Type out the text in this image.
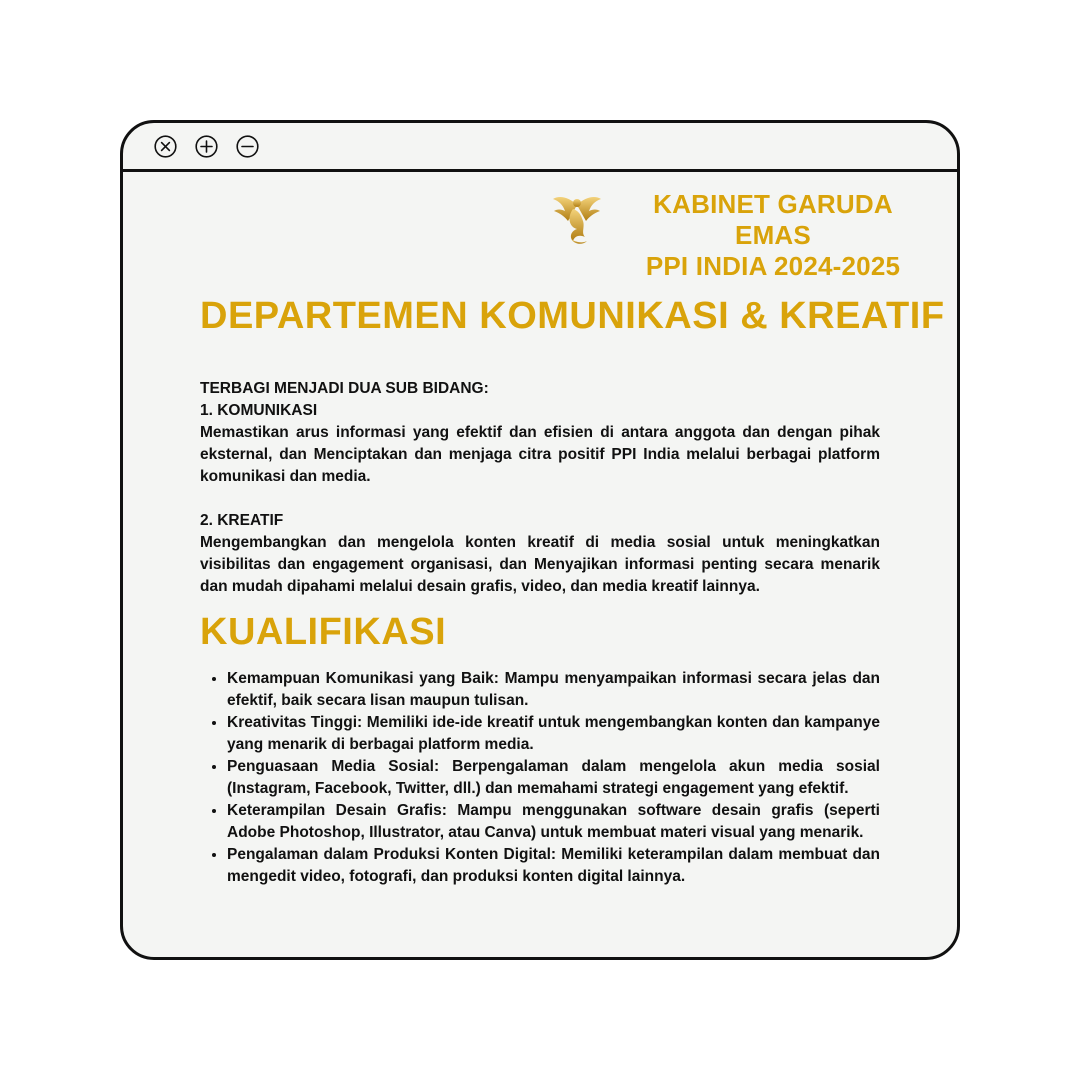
KABINET GARUDA EMAS
PPI INDIA 2024-2025
DEPARTEMEN KOMUNIKASI & KREATIF

TERBAGI MENJADI DUA SUB BIDANG:

1. KOMUNIKASI

Memastikan arus informasi yang efektif dan efisien di antara anggota dan dengan pihak eksternal, dan Menciptakan dan menjaga citra positif PPI India melalui berbagai platform komunikasi dan media.

2. KREATIF

Mengembangkan dan mengelola konten kreatif di media sosial untuk meningkatkan visibilitas dan engagement organisasi, dan Menyajikan informasi penting secara menarik dan mudah dipahami melalui desain grafis, video, dan media kreatif lainnya.

KUALIFIKASI
• Kemampuan Komunikasi yang Baik: Mampu menyampaikan informasi secara jelas dan efektif, baik secara lisan maupun tulisan.
• Kreativitas Tinggi: Memiliki ide-ide kreatif untuk mengembangkan konten dan kampanye yang menarik di berbagai platform media.
• Penguasaan Media Sosial: Berpengalaman dalam mengelola akun media sosial (Instagram, Facebook, Twitter, dll.) dan memahami strategi engagement yang efektif.
• Keterampilan Desain Grafis: Mampu menggunakan software desain grafis (seperti Adobe Photoshop, Illustrator, atau Canva) untuk membuat materi visual yang menarik.
• Pengalaman dalam Produksi Konten Digital: Memiliki keterampilan dalam membuat dan mengedit video, fotografi, dan produksi konten digital lainnya.
